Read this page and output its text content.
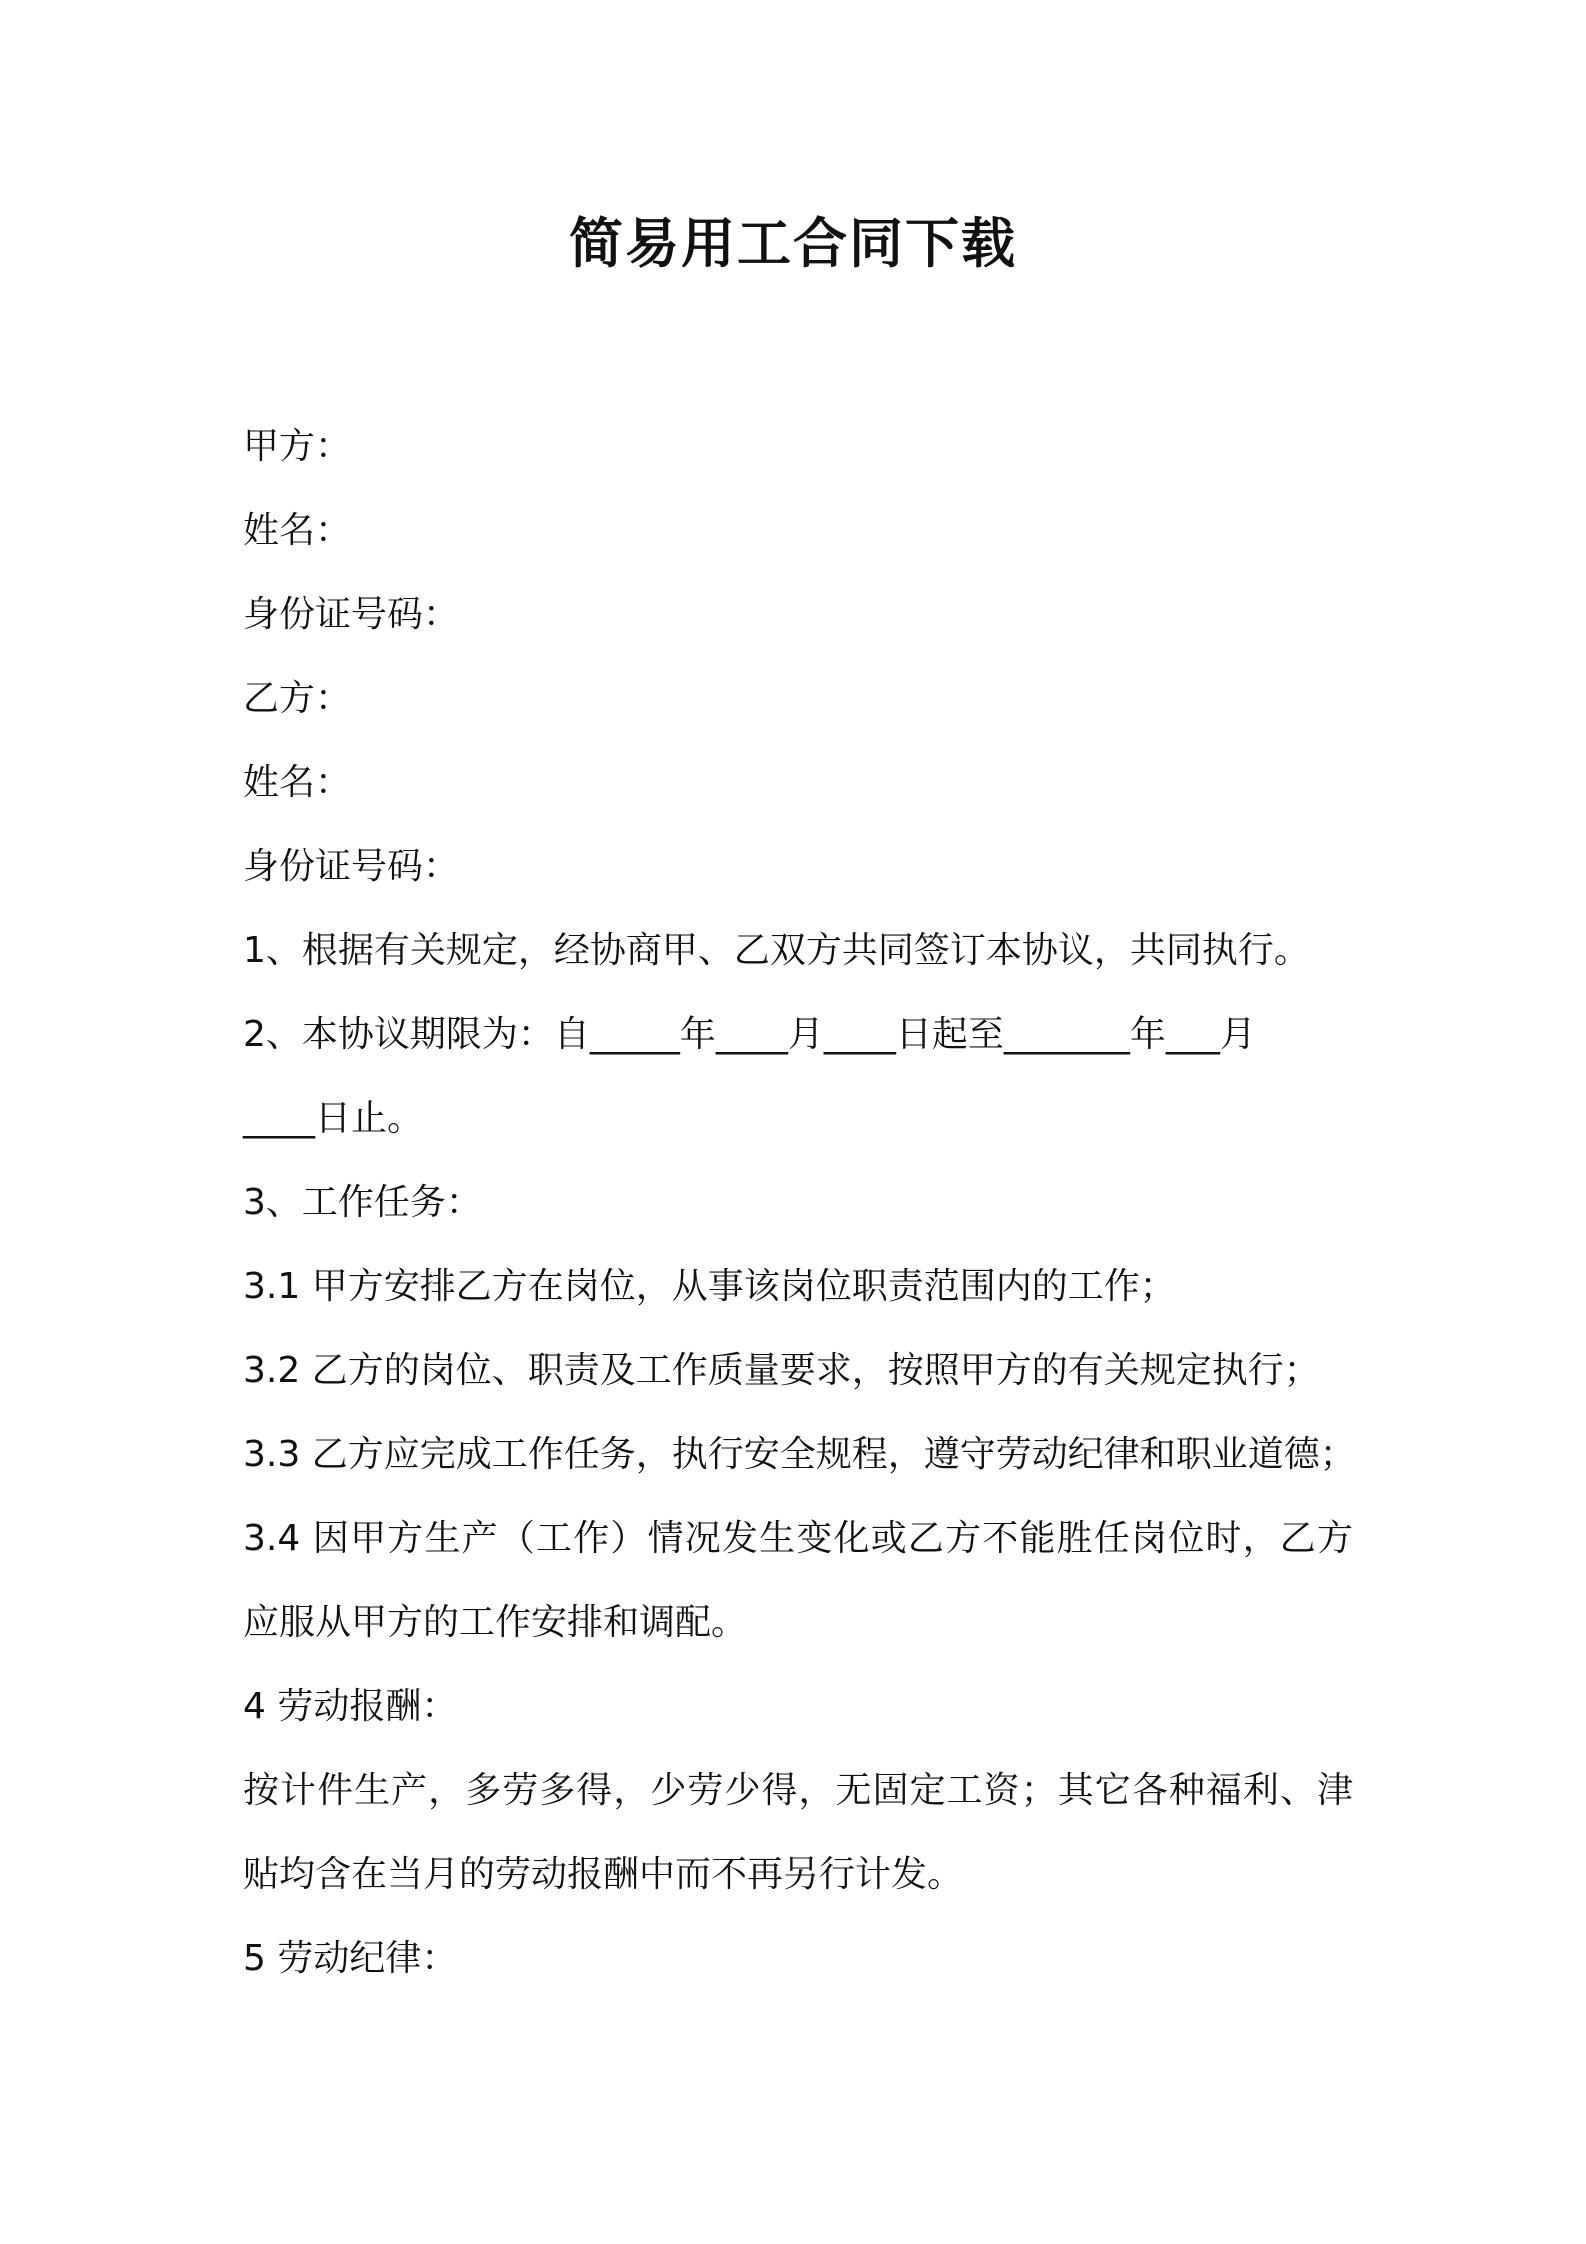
简易用工合同下载

甲方：

姓名：

身份证号码：

乙方：

姓名：

身份证号码：

1、根据有关规定，经协商甲、乙双方共同签订本协议，共同执行。

2、本协议期限为：自_____年____月____日起至_______年___月

____日止。

3、工作任务：

3.1 甲方安排乙方在岗位，从事该岗位职责范围内的工作；

3.2 乙方的岗位、职责及工作质量要求，按照甲方的有关规定执行；

3.3 乙方应完成工作任务，执行安全规程，遵守劳动纪律和职业道德；

3.4 因甲方生产（工作）情况发生变化或乙方不能胜任岗位时，乙方应服从甲方的工作安排和调配。

4 劳动报酬：

按计件生产，多劳多得，少劳少得，无固定工资；其它各种福利、津贴均含在当月的劳动报酬中而不再另行计发。

5 劳动纪律：
